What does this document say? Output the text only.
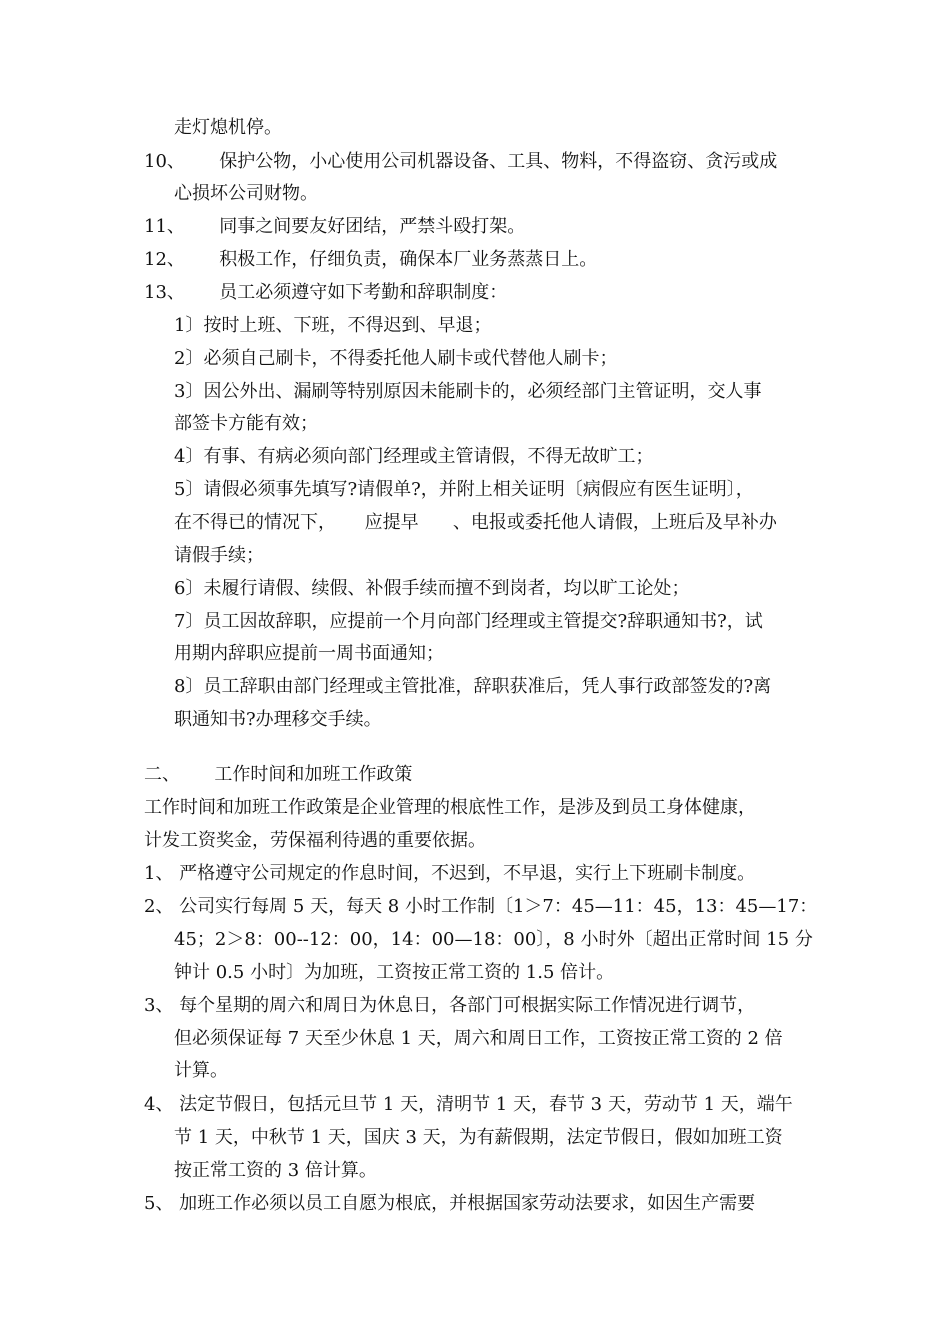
走灯熄机停。
10、      保护公物，小心使用公司机器设备、工具、物料，不得盗窃、贪污或成
心损坏公司财物。
11、      同事之间要友好团结，严禁斗殴打架。
12、      积极工作，仔细负责，确保本厂业务蒸蒸日上。
13、      员工必须遵守如下考勤和辞职制度：
1〕按时上班、下班，不得迟到、早退；
2〕必须自己刷卡，不得委托他人刷卡或代替他人刷卡；
3〕因公外出、漏刷等特别原因未能刷卡的，必须经部门主管证明，交人事
部签卡方能有效；
4〕有事、有病必须向部门经理或主管请假，不得无故旷工；
5〕请假必须事先填写?请假单?，并附上相关证明〔病假应有医生证明〕，
在不得已的情况下，     应提早      、电报或委托他人请假，上班后及早补办
请假手续；
6〕未履行请假、续假、补假手续而擅不到岗者，均以旷工论处；
7〕员工因故辞职，应提前一个月向部门经理或主管提交?辞职通知书?，试
用期内辞职应提前一周书面通知；
8〕员工辞职由部门经理或主管批准，辞职获准后，凭人事行政部签发的?离
职通知书?办理移交手续。
二、      工作时间和加班工作政策
工作时间和加班工作政策是企业管理的根底性工作，是涉及到员工身体健康，
计发工资奖金，劳保福利待遇的重要依据。
1、 严格遵守公司规定的作息时间，不迟到，不早退，实行上下班刷卡制度。
2、 公司实行每周 5 天，每天 8 小时工作制〔1＞7：45—11：45，13：45—17：
45；2＞8：00--12：00，14：00—18：00〕，8 小时外〔超出正常时间 15 分
钟计 0.5 小时〕为加班，工资按正常工资的 1.5 倍计。
3、 每个星期的周六和周日为休息日，各部门可根据实际工作情况进行调节，
但必须保证每 7 天至少休息 1 天，周六和周日工作，工资按正常工资的 2 倍
计算。
4、 法定节假日，包括元旦节 1 天，清明节 1 天，春节 3 天，劳动节 1 天，端午
节 1 天，中秋节 1 天，国庆 3 天，为有薪假期，法定节假日，假如加班工资
按正常工资的 3 倍计算。
5、 加班工作必须以员工自愿为根底，并根据国家劳动法要求，如因生产需要
